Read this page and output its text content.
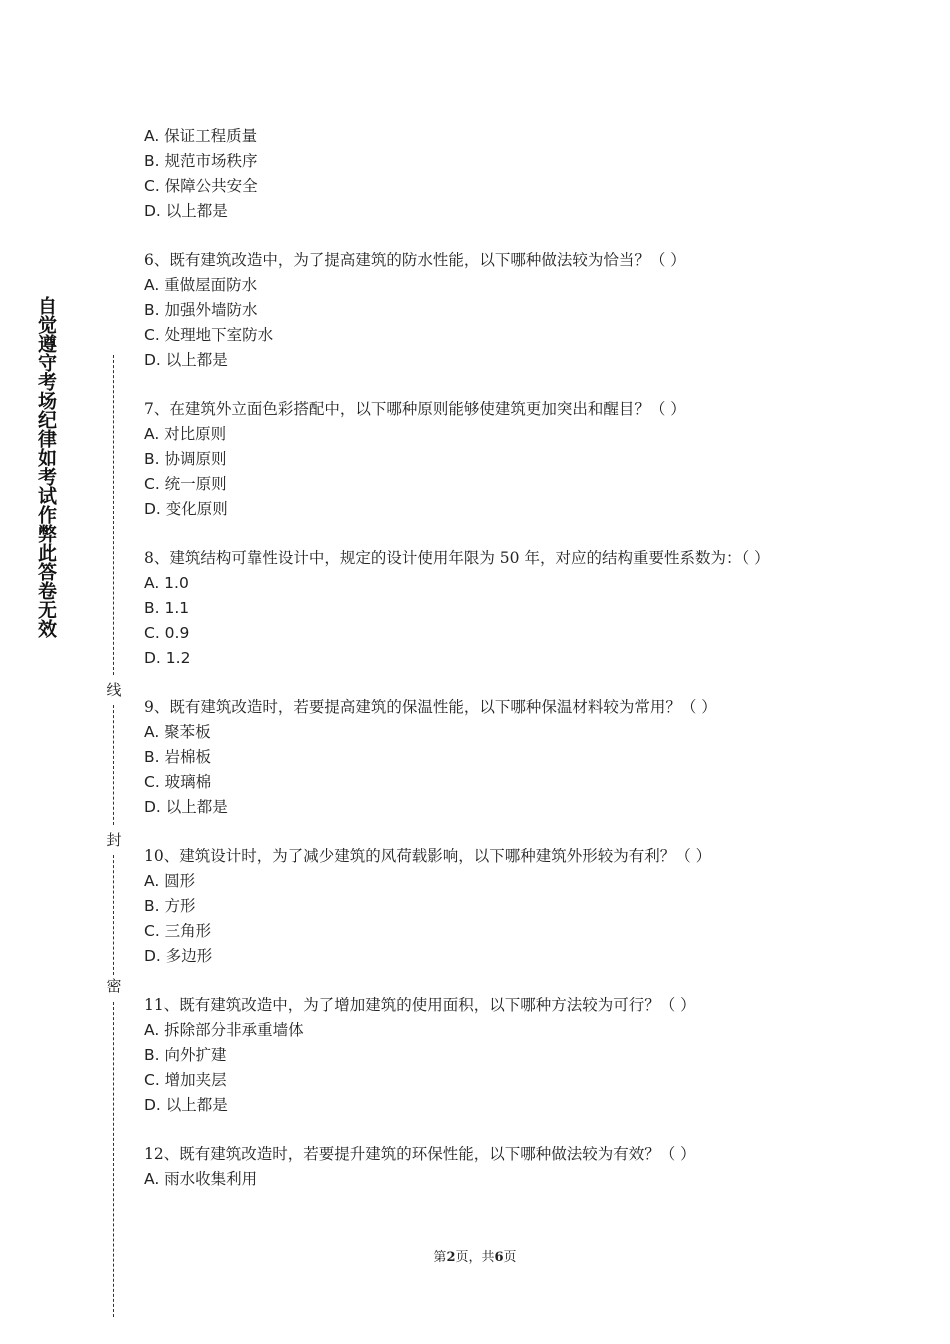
自觉遵守考场纪律如考试作弊此答卷无效
线
封
密
A. 保证工程质量
B. 规范市场秩序
C. 保障公共安全
D. 以上都是
6、既有建筑改造中，为了提高建筑的防水性能，以下哪种做法较为恰当？（ ）
A. 重做屋面防水
B. 加强外墙防水
C. 处理地下室防水
D. 以上都是
7、在建筑外立面色彩搭配中，以下哪种原则能够使建筑更加突出和醒目？（ ）
A. 对比原则
B. 协调原则
C. 统一原则
D. 变化原则
8、建筑结构可靠性设计中，规定的设计使用年限为 50 年，对应的结构重要性系数为：（ ）
A. 1.0
B. 1.1
C. 0.9
D. 1.2
9、既有建筑改造时，若要提高建筑的保温性能，以下哪种保温材料较为常用？（ ）
A. 聚苯板
B. 岩棉板
C. 玻璃棉
D. 以上都是
10、建筑设计时，为了减少建筑的风荷载影响，以下哪种建筑外形较为有利？（ ）
A. 圆形
B. 方形
C. 三角形
D. 多边形
11、既有建筑改造中，为了增加建筑的使用面积，以下哪种方法较为可行？（ ）
A. 拆除部分非承重墙体
B. 向外扩建
C. 增加夹层
D. 以上都是
12、既有建筑改造时，若要提升建筑的环保性能，以下哪种做法较为有效？（ ）
A. 雨水收集利用
第2页，共6页
